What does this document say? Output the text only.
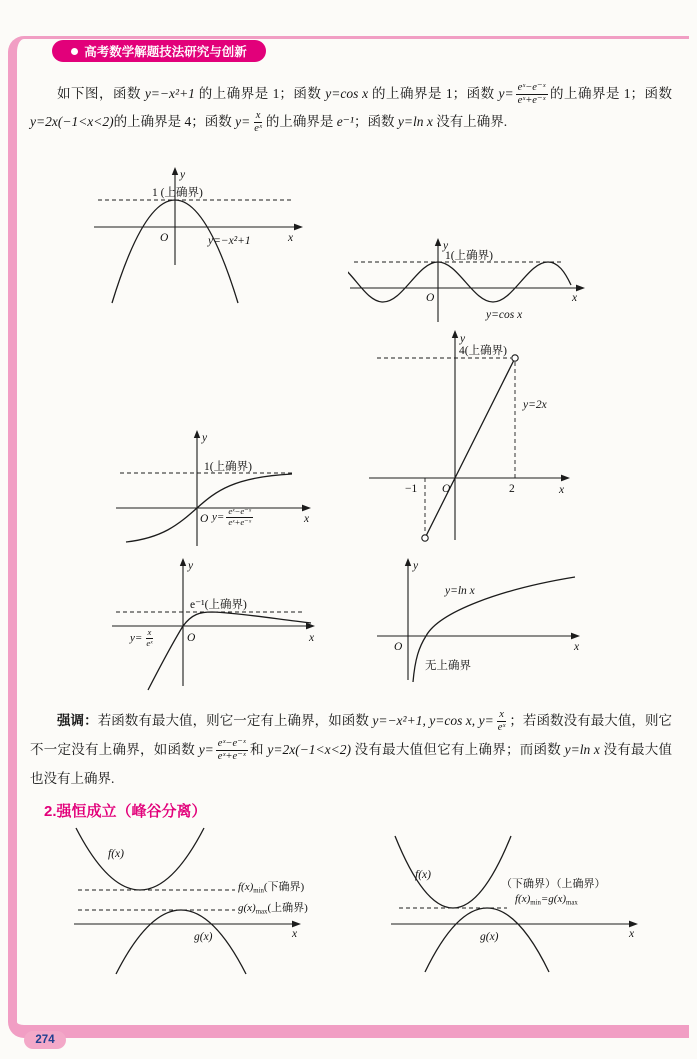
高考数学解题技法研究与创新

如下图，函数 y=−x²+1 的上确界是 1；函数 y=cos x 的上确界是 1；函数 $y= \frac{\text{eˣ−e⁻ˣ}}{\text{eˣ+e⁻ˣ}}$ 的上确界是 1；函数 y=2x(−1<x<2)的上确界是 4；函数 $y= \frac{x}{\text{eˣ}}$ 的上确界是 e⁻¹；函数 y=ln x 没有上确界.

y
1 (上确界)
O	x
y=−x²+1	y
1(上确界)
O	x
y=cos x
y
4(上确界)
−1 O	2	x
y=2x
y
1(上确界)
O	x
$y= \frac{\text{eˣ−e⁻ˣ}}{\text{eˣ+e⁻ˣ}}$
y
e⁻¹(上确界)
O	x
$y= \frac{x}{\text{eˣ}}$
y
O	x
y=ln x
无上确界

强调：若函数有最大值，则它一定有上确界，如函数 y=−x²+1, y=cos x, $y= \frac{x}{\text{eˣ}}$ ；若函数没有最大值，则它不一定没有上确界，如函数 $y= \frac{\text{eˣ−e⁻ˣ}}{\text{eˣ+e⁻ˣ}}$ 和 y=2x(−1<x<2) 没有最大值但它有上确界；而函数 y=ln x 没有最大值也没有上确界.

2.强恒成立（峰谷分离）
f(x)
g(x)	x
$f(x)_{min}$(下确界)
$g(x)_{max}$(上确界)
f(x)
g(x)	x
（下确界）（上确界）
$f(x)_{min}=g(x)_{max}$
274
